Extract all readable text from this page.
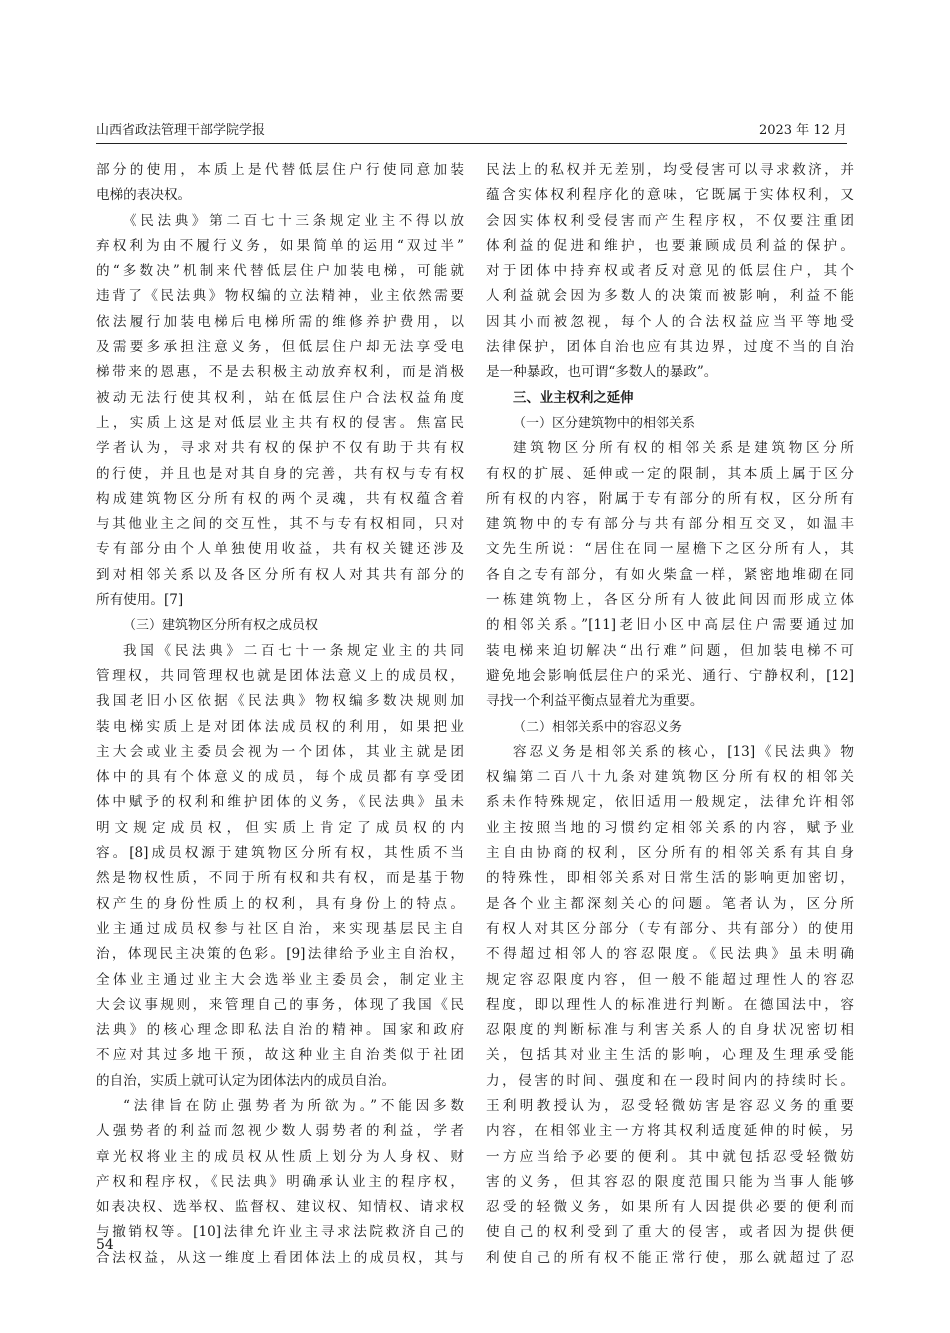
山西省政法管理干部学院学报	2023 年 12 月
部分的使用，本质上是代替低层住户行使同意加装
电梯的表决权。
《民法典》第二百七十三条规定业主不得以放
弃权利为由不履行义务，如果简单的运用“双过半”
的“多数决”机制来代替低层住户加装电梯，可能就
违背了《民法典》物权编的立法精神，业主依然需要
依法履行加装电梯后电梯所需的维修养护费用，以
及需要多承担注意义务，但低层住户却无法享受电
梯带来的恩惠，不是去积极主动放弃权利，而是消极
被动无法行使其权利，站在低层住户合法权益角度
上，实质上这是对低层业主共有权的侵害。焦富民
学者认为，寻求对共有权的保护不仅有助于共有权
的行使，并且也是对其自身的完善，共有权与专有权
构成建筑物区分所有权的两个灵魂，共有权蕴含着
与其他业主之间的交互性，其不与专有权相同，只对
专有部分由个人单独使用收益，共有权关键还涉及
到对相邻关系以及各区分所有权人对其共有部分的
所有使用。[7]
（三）建筑物区分所有权之成员权
我国《民法典》二百七十一条规定业主的共同
管理权，共同管理权也就是团体法意义上的成员权，
我国老旧小区依据《民法典》物权编多数决规则加
装电梯实质上是对团体法成员权的利用，如果把业
主大会或业主委员会视为一个团体，其业主就是团
体中的具有个体意义的成员，每个成员都有享受团
体中赋予的权利和维护团体的义务，《民法典》虽未
明文规定成员权，但实质上肯定了成员权的内
容。[8]成员权源于建筑物区分所有权，其性质不当
然是物权性质，不同于所有权和共有权，而是基于物
权产生的身份性质上的权利，具有身份上的特点。
业主通过成员权参与社区自治，来实现基层民主自
治，体现民主决策的色彩。[9]法律给予业主自治权，
全体业主通过业主大会选举业主委员会，制定业主
大会议事规则，来管理自己的事务，体现了我国《民
法典》的核心理念即私法自治的精神。国家和政府
不应对其过多地干预，故这种业主自治类似于社团
的自治，实质上就可认定为团体法内的成员自治。
“法律旨在防止强势者为所欲为。”不能因多数
人强势者的利益而忽视少数人弱势者的利益，学者
章光权将业主的成员权从性质上划分为人身权、财
产权和程序权，《民法典》明确承认业主的程序权，
如表决权、选举权、监督权、建议权、知情权、请求权
与撤销权等。[10]法律允许业主寻求法院救济自己的
合法权益，从这一维度上看团体法上的成员权，其与
民法上的私权并无差别，均受侵害可以寻求救济，并
蕴含实体权利程序化的意味，它既属于实体权利，又
会因实体权利受侵害而产生程序权，不仅要注重团
体利益的促进和维护，也要兼顾成员利益的保护。
对于团体中持弃权或者反对意见的低层住户，其个
人利益就会因为多数人的决策而被影响，利益不能
因其小而被忽视，每个人的合法权益应当平等地受
法律保护，团体自治也应有其边界，过度不当的自治
是一种暴政，也可谓“多数人的暴政”。
三、业主权利之延伸
（一）区分建筑物中的相邻关系
建筑物区分所有权的相邻关系是建筑物区分所
有权的扩展、延伸或一定的限制，其本质上属于区分
所有权的内容，附属于专有部分的所有权，区分所有
建筑物中的专有部分与共有部分相互交叉，如温丰
文先生所说：“居住在同一屋檐下之区分所有人，其
各自之专有部分，有如火柴盒一样，紧密地堆砌在同
一栋建筑物上，各区分所有人彼此间因而形成立体
的相邻关系。”[11]老旧小区中高层住户需要通过加
装电梯来迫切解决“出行难”问题，但加装电梯不可
避免地会影响低层住户的采光、通行、宁静权利，[12]
寻找一个利益平衡点显着尤为重要。
（二）相邻关系中的容忍义务
容忍义务是相邻关系的核心，[13]《民法典》物
权编第二百八十九条对建筑物区分所有权的相邻关
系未作特殊规定，依旧适用一般规定，法律允许相邻
业主按照当地的习惯约定相邻关系的内容，赋予业
主自由协商的权利，区分所有的相邻关系有其自身
的特殊性，即相邻关系对日常生活的影响更加密切，
是各个业主都深刻关心的问题。笔者认为，区分所
有权人对其区分部分（专有部分、共有部分）的使用
不得超过相邻人的容忍限度。《民法典》虽未明确
规定容忍限度内容，但一般不能超过理性人的容忍
程度，即以理性人的标准进行判断。在德国法中，容
忍限度的判断标准与利害关系人的自身状况密切相
关，包括其对业主生活的影响，心理及生理承受能
力，侵害的时间、强度和在一段时间内的持续时长。
王利明教授认为，忍受轻微妨害是容忍义务的重要
内容，在相邻业主一方将其权利适度延伸的时候，另
一方应当给予必要的便利。其中就包括忍受轻微妨
害的义务，但其容忍的限度范围只能为当事人能够
忍受的轻微义务，如果所有人因提供必要的便利而
使自己的权利受到了重大的侵害，或者因为提供便
利使自己的所有权不能正常行使，那么就超过了忍
54
